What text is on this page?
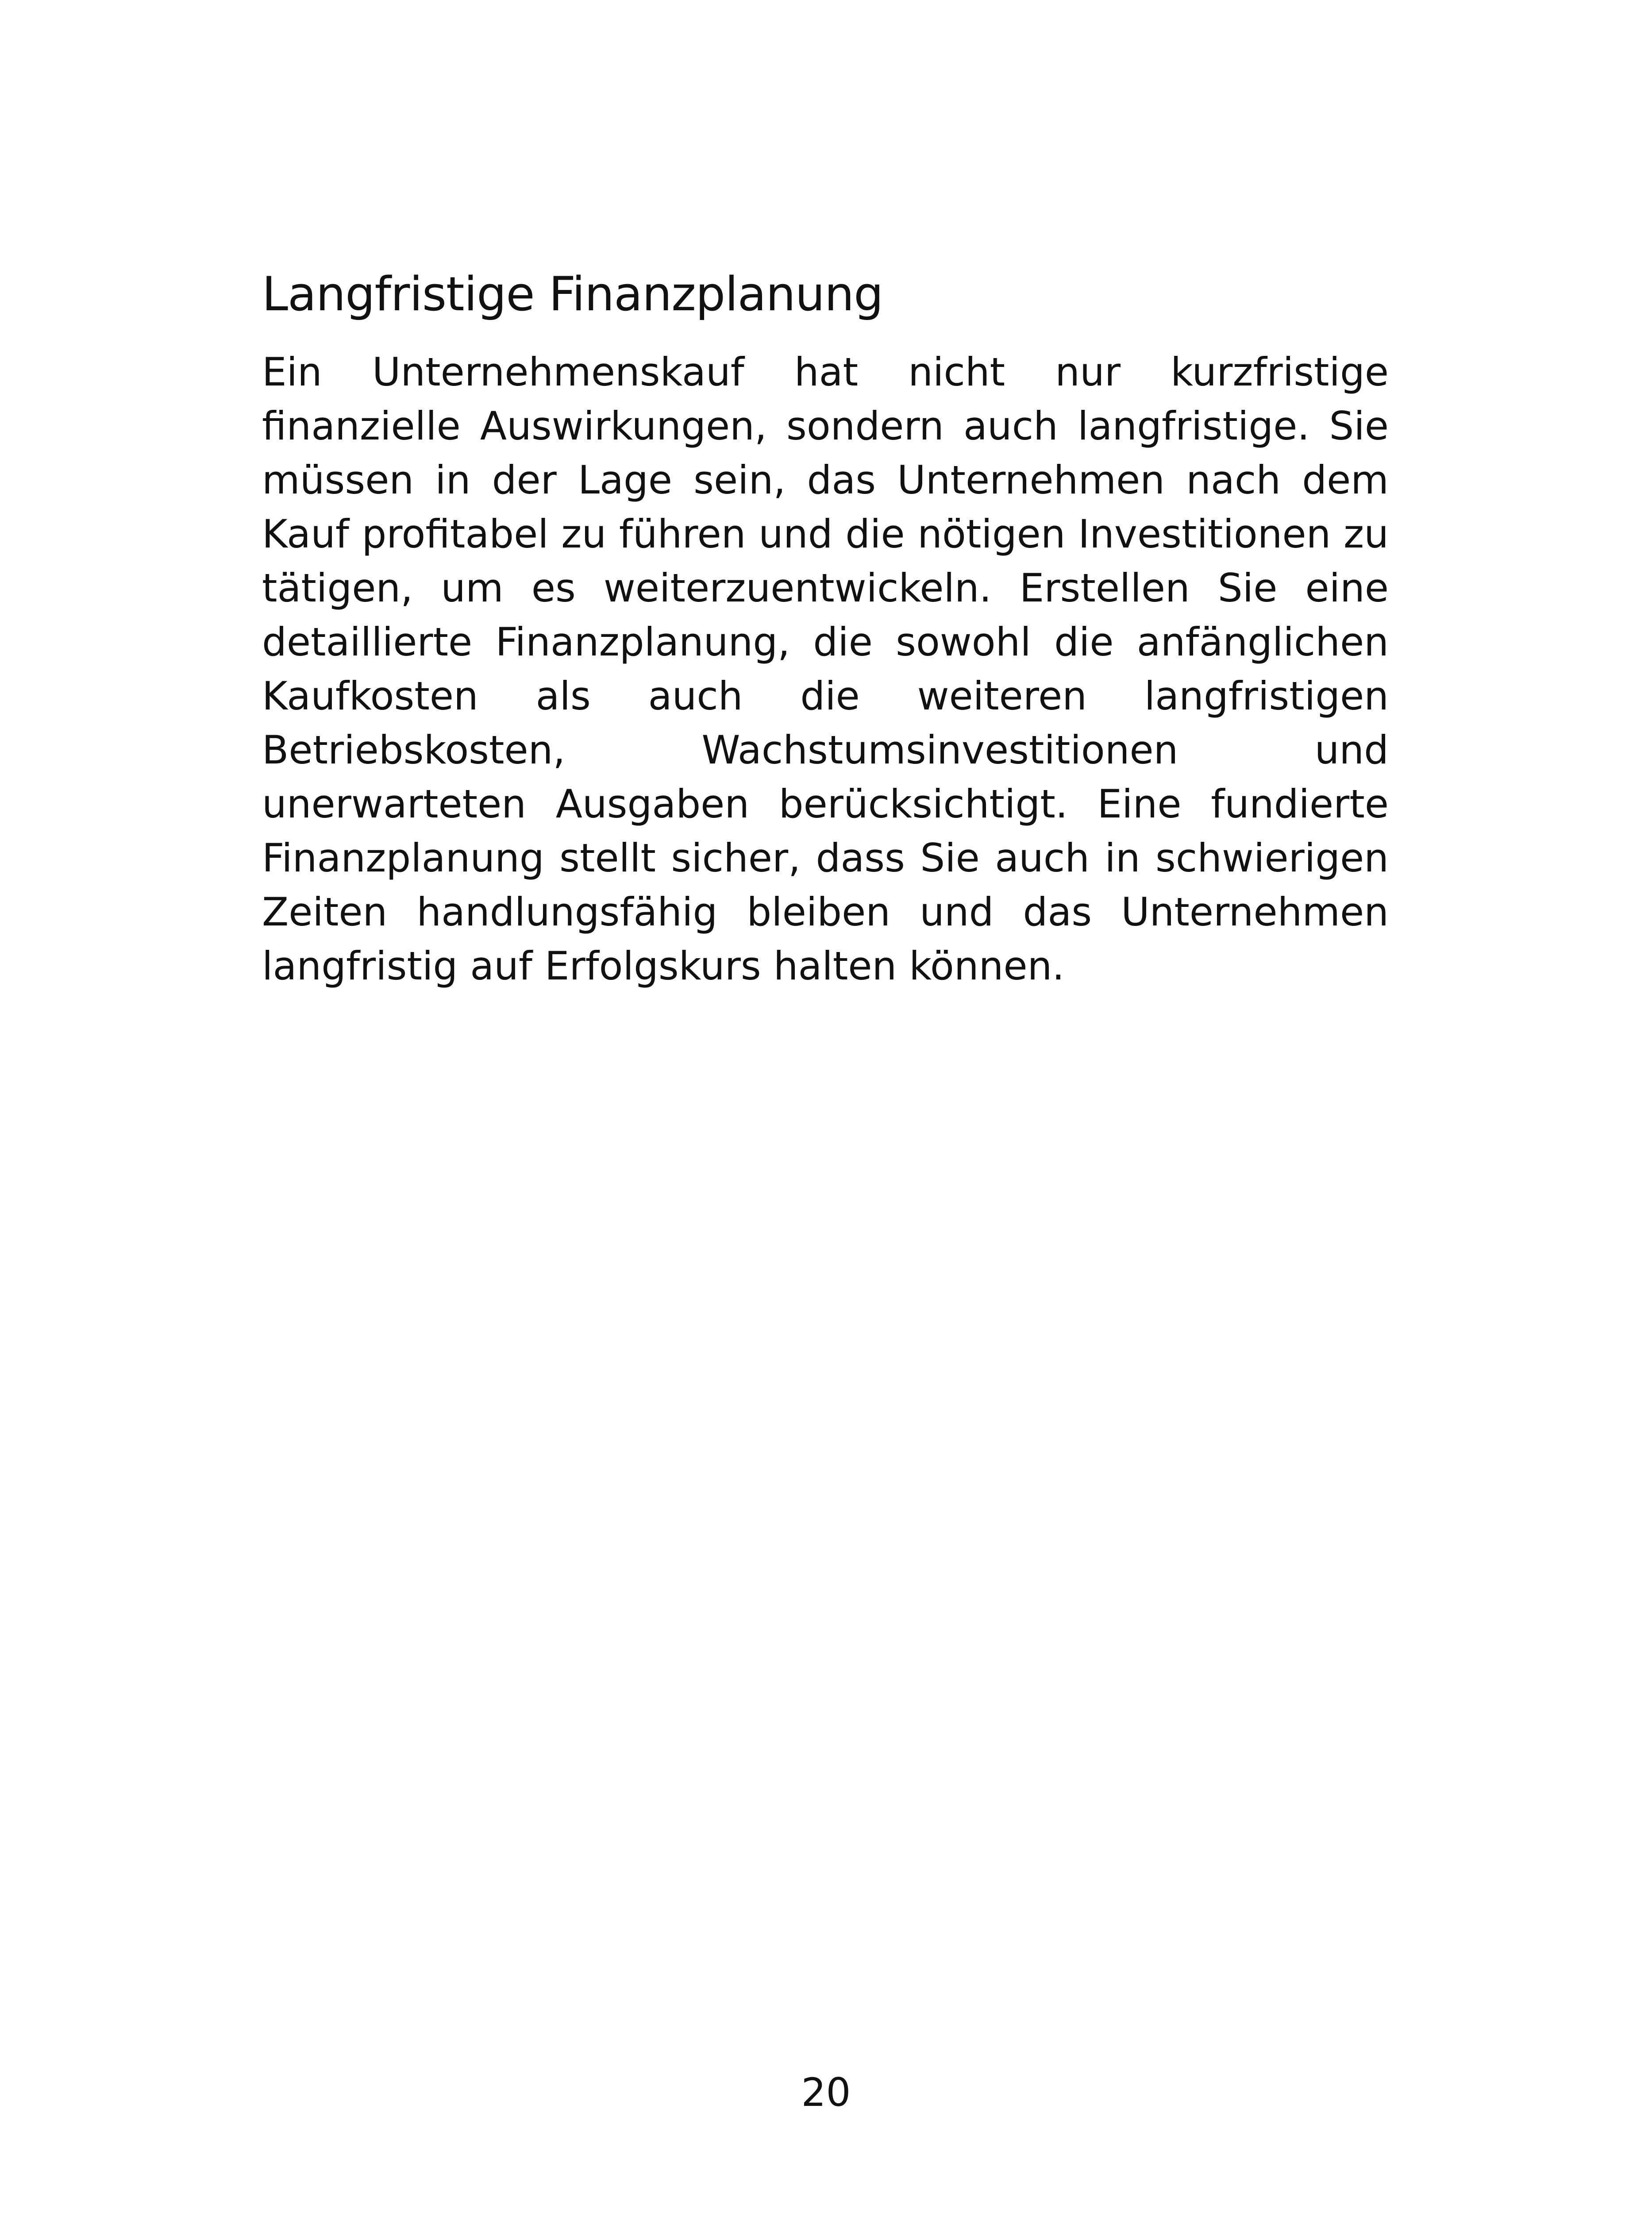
Langfristige Finanzplanung

Ein Unternehmenskauf hat nicht nur kurzfristige finanzielle Auswirkungen, sondern auch langfristige. Sie müssen in der Lage sein, das Unternehmen nach dem Kauf profitabel zu führen und die nötigen Investitionen zu tätigen, um es weiterzuentwickeln. Erstellen Sie eine detaillierte Finanzplanung, die sowohl die anfänglichen Kaufkosten als auch die weiteren langfristigen Betriebskosten, Wachstumsinvestitionen und unerwarteten Ausgaben berücksichtigt. Eine fundierte Finanzplanung stellt sicher, dass Sie auch in schwierigen Zeiten handlungsfähig bleiben und das Unternehmen langfristig auf Erfolgskurs halten können.

20
